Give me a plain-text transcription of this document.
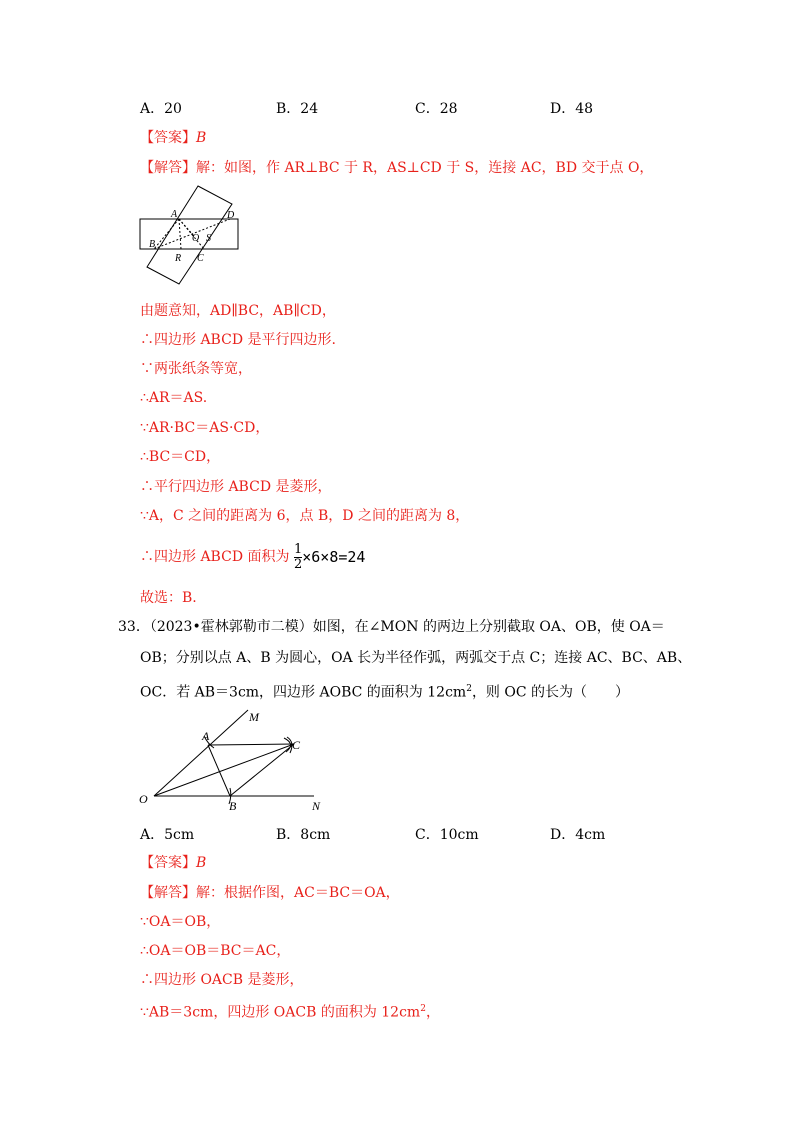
A．20	B．24	C．28	D．48
【答案】B
【解答】解：如图，作 AR⊥BC 于 R，AS⊥CD 于 S，连接 AC，BD 交于点 O，
A	D
B
O S
R C
由题意知，AD∥BC，AB∥CD，
∴四边形 ABCD 是平行四边形.
∵两张纸条等宽，
∴AR＝AS.
∵AR·BC＝AS·CD，
∴BC＝CD，
∴平行四边形 ABCD 是菱形，
∵A，C 之间的距离为 6，点 B，D 之间的距离为 8，
∴四边形 ABCD 面积为 $\frac{1}{2} \times 6\times 8=24$
故选：B.
33．（2023•霍林郭勒市二模）如图，在∠MON 的两边上分别截取 OA、OB，使 OA＝
OB；分别以点 A、B 为圆心，OA 长为半径作弧，两弧交于点 C；连接 AC、BC、AB、
OC．若 AB＝3cm，四边形 AOBC 的面积为 $12cm^2$，则 OC 的长为（　　）
M
A
C
O	B	N
A．5cm	B．8cm	C．10cm	D．4cm
【答案】B
【解答】解：根据作图，AC＝BC＝OA，
∵OA＝OB，
∴OA＝OB＝BC＝AC，
∴四边形 OACB 是菱形，
∵AB＝3cm，四边形 OACB 的面积为 $12cm^2$，
